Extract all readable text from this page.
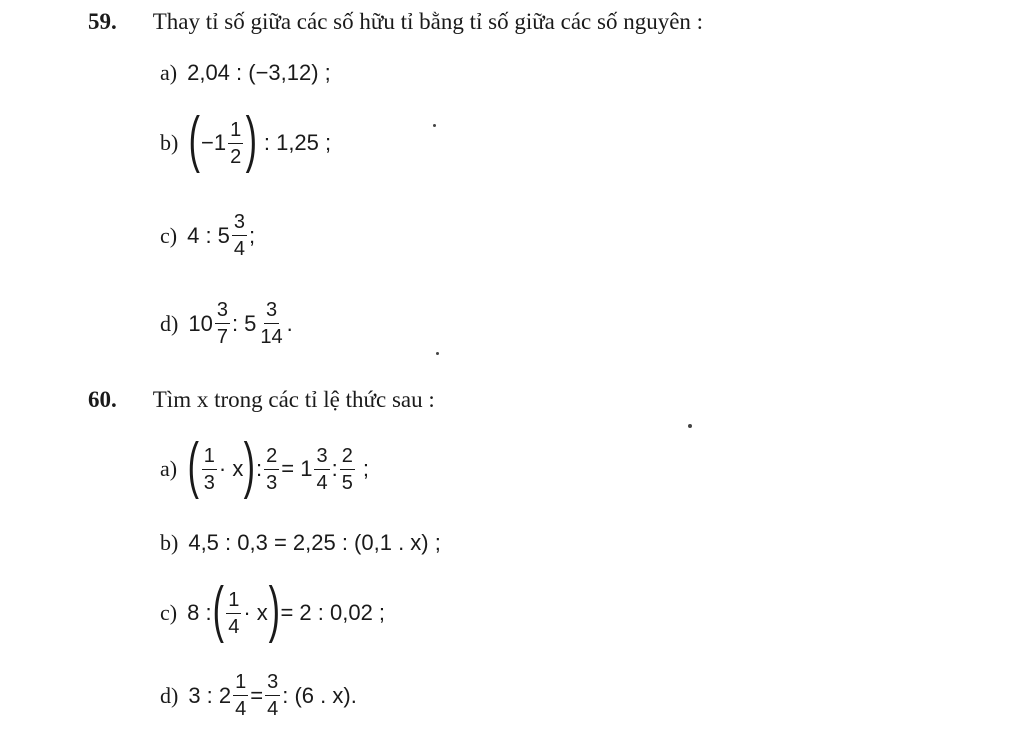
59. Thay tỉ số giữa các số hữu tỉ bằng tỉ số giữa các số nguyên :
a) 2,04 : (−3,12) ;
b) ( $-1 \frac{1}{2}$ ) : 1,25 ;
c) 4 : $5 \frac{3}{4}$ ;
d) $10 \frac{3}{7}$ : $5 \frac{3}{14}$ .
60. Tìm x trong các tỉ lệ thức sau :
a) ( $\frac{1}{3} \cdot x$ ) : $\frac{2}{3} = 1 \frac{3}{4}$ : $\frac{2}{5}$ ;
b) 4,5 : 0,3 = 2,25 : (0,1 . x) ;
c) 8 : ( $\frac{1}{4} \cdot x$ ) = 2 : 0,02 ;
d) 3 : $2 \frac{1}{4} = \frac{3}{4}$ : (6 . x).
